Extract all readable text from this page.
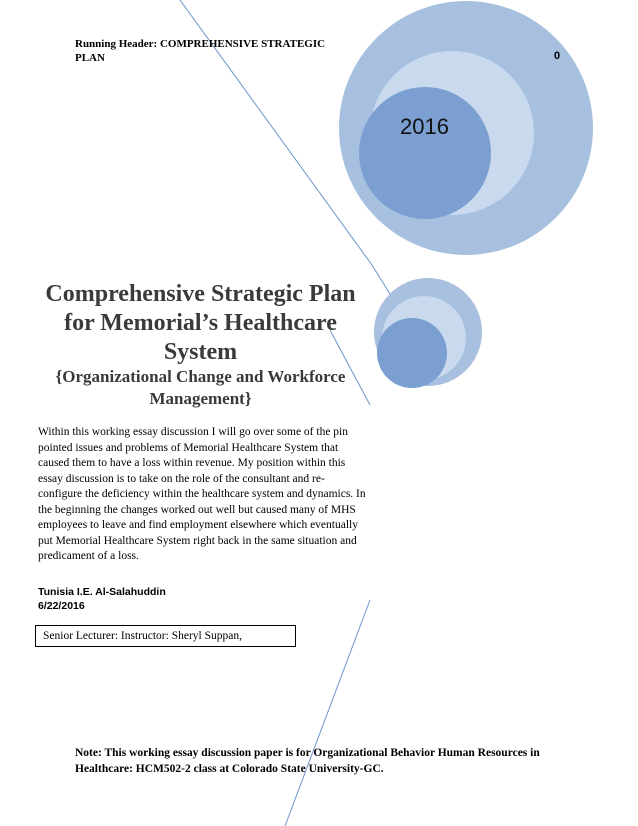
Running Header: COMPREHENSIVE STRATEGIC PLAN	0
2016
Comprehensive Strategic Plan for Memorial’s Healthcare System
{Organizational Change and Workforce Management}
Within this working essay discussion I will go over some of the pin pointed issues and problems of Memorial Healthcare System that caused them to have a loss within revenue. My position within this essay discussion is to take on the role of the consultant and re-configure the deficiency within the healthcare system and dynamics. In the beginning the changes worked out well but caused many of MHS employees to leave and find employment elsewhere which eventually put Memorial Healthcare System right back in the same situation and predicament of a loss.
Tunisia I.E. Al-Salahuddin
6/22/2016
Senior Lecturer: Instructor: Sheryl Suppan,
Note: This working essay discussion paper is for Organizational Behavior Human Resources in Healthcare: HCM502-2 class at Colorado State University-GC.
